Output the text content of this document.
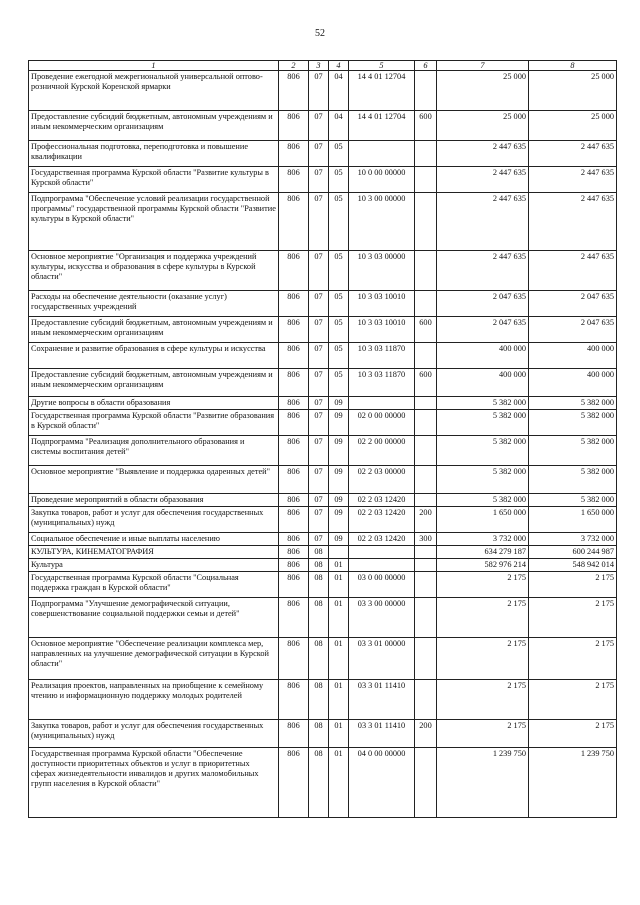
52
1	2	3	4	5	6	7	8
Проведение ежегодной межрегиональной универсальной оптово-розничной Курской Коренской ярмарки	806	07	04	14 4 01 12704		25 000	25 000
Предоставление субсидий бюджетным, автономным учреждениям и иным некоммерческим организациям	806	07	04	14 4 01 12704	600	25 000	25 000
Профессиональная подготовка, переподготовка и повышение квалификации	806	07	05			2 447 635	2 447 635
Государственная программа Курской области "Развитие культуры в Курской области"	806	07	05	10 0 00 00000		2 447 635	2 447 635
Подпрограмма "Обеспечение условий реализации государственной программы" государственной программы Курской области "Развитие культуры в Курской области"	806	07	05	10 3 00 00000		2 447 635	2 447 635
Основное мероприятие "Организация и поддержка учреждений культуры, искусства и образования в сфере культуры в Курской области"	806	07	05	10 3 03 00000		2 447 635	2 447 635
Расходы на обеспечение деятельности (оказание услуг) государственных учреждений	806	07	05	10 3 03 10010		2 047 635	2 047 635
Предоставление субсидий бюджетным, автономным учреждениям и иным некоммерческим организациям	806	07	05	10 3 03 10010	600	2 047 635	2 047 635
Сохранение и развитие образования в сфере культуры и искусства	806	07	05	10 3 03 11870		400 000	400 000
Предоставление субсидий бюджетным, автономным учреждениям и иным некоммерческим организациям	806	07	05	10 3 03 11870	600	400 000	400 000
Другие вопросы в области образования	806	07	09			5 382 000	5 382 000
Государственная программа Курской области "Развитие образования в Курской области"	806	07	09	02 0 00 00000		5 382 000	5 382 000
Подпрограмма "Реализация дополнительного образования и системы воспитания детей"	806	07	09	02 2 00 00000		5 382 000	5 382 000
Основное мероприятие "Выявление и поддержка одаренных детей"	806	07	09	02 2 03 00000		5 382 000	5 382 000
Проведение мероприятий в области образования	806	07	09	02 2 03 12420		5 382 000	5 382 000
Закупка товаров, работ и услуг для обеспечения государственных (муниципальных) нужд	806	07	09	02 2 03 12420	200	1 650 000	1 650 000
Социальное обеспечение и иные выплаты населению	806	07	09	02 2 03 12420	300	3 732 000	3 732 000
КУЛЬТУРА, КИНЕМАТОГРАФИЯ	806	08				634 279 187	600 244 987
Культура	806	08	01			582 976 214	548 942 014
Государственная программа Курской области "Социальная поддержка граждан в Курской области"	806	08	01	03 0 00 00000		2 175	2 175
Подпрограмма "Улучшение демографической ситуации, совершенствование социальной поддержки семьи и детей"	806	08	01	03 3 00 00000		2 175	2 175
Основное мероприятие "Обеспечение реализации комплекса мер, направленных на улучшение демографической ситуации в Курской области"	806	08	01	03 3 01 00000		2 175	2 175
Реализация проектов, направленных на приобщение к семейному чтению и информационную поддержку молодых родителей	806	08	01	03 3 01 11410		2 175	2 175
Закупка товаров, работ и услуг для обеспечения государственных (муниципальных) нужд	806	08	01	03 3 01 11410	200	2 175	2 175
Государственная программа Курской области "Обеспечение доступности приоритетных объектов и услуг в приоритетных сферах жизнедеятельности инвалидов и других маломобильных групп населения в Курской области"	806	08	01	04 0 00 00000		1 239 750	1 239 750
